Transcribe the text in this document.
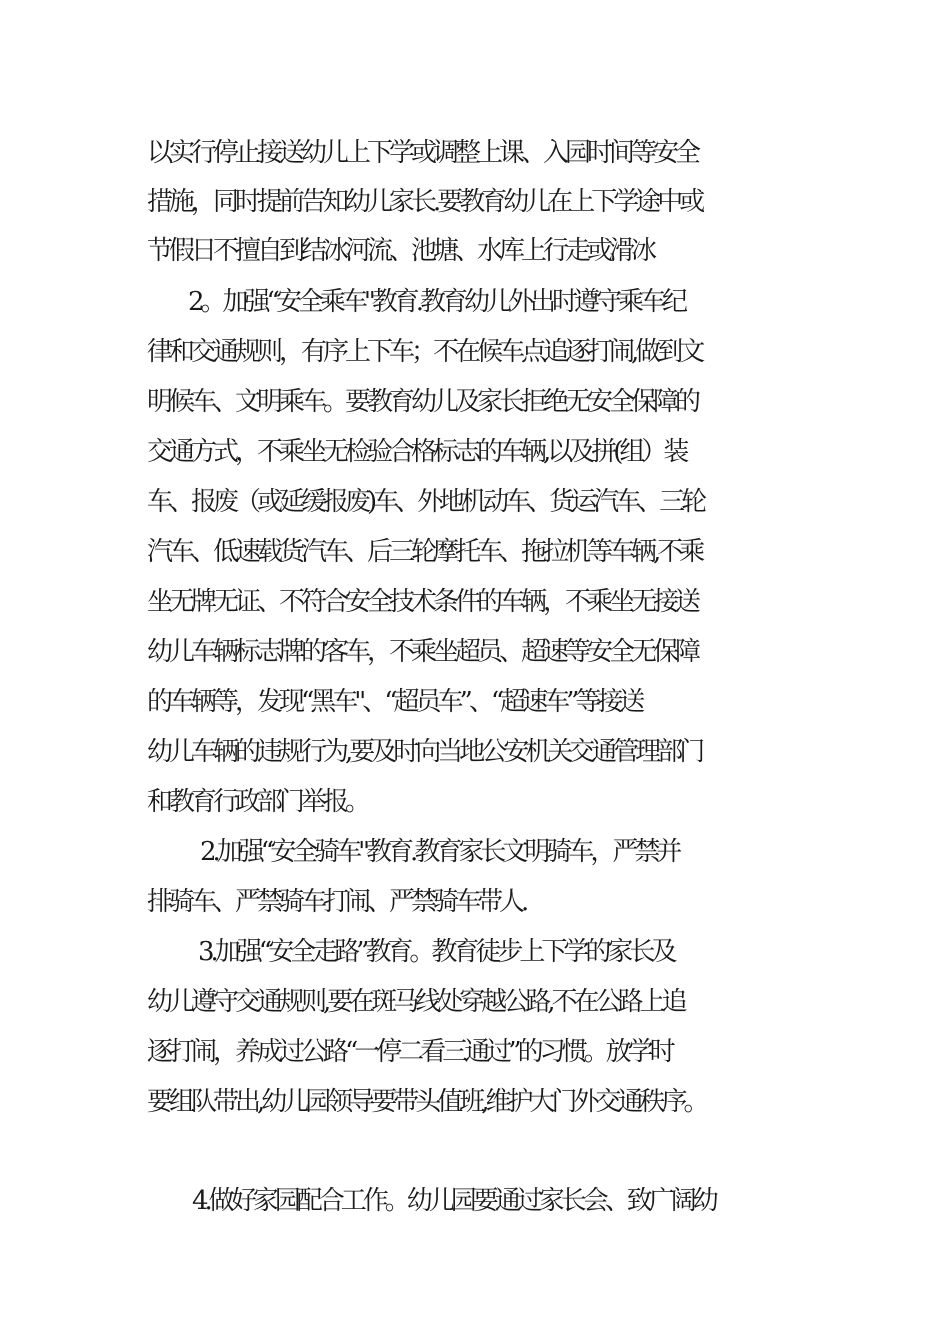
以实行停止接送幼儿上下学或调整上课、入园时间等安全
措施，同时提前告知幼儿家长.要教育幼儿在上下学途中或
节假日不擅自到结冰河流、池塘、水库上行走或滑冰
2。加强“安全乘车"教育.教育幼儿外出时遵守乘车纪
律和交通规则，有序上下车；不在候车点追逐打闹,做到文
明候车、文明乘车。要教育幼儿及家长拒绝无安全保障的
交通方式，不乘坐无检验合格标志的车辆,以及拼(组）装
车、报废（或延缓报废)车、外地机动车、货运汽车、三轮
汽车、低速载货汽车、后三轮摩托车、拖拉机等车辆,不乘
坐无牌无证、不符合安全技术条件的车辆，不乘坐无接送
幼儿车辆标志牌的客车，不乘坐超员、超速等安全无保障
的车辆等，发现“黑车"、“超员车”、“超速车”等接送
幼儿车辆的违规行为,要及时向当地公安机关交通管理部门
和教育行政部门举报。
2.加强“安全骑车"教育.教育家长文明骑车，严禁并
排骑车、严禁骑车打闹、严禁骑车带人.
3.加强“安全走路”教育。教育徒步上下学的家长及
幼儿遵守交通规则,要在斑马线处穿越公路,不在公路上追
逐打闹，养成过公路“一停二看三通过”的习惯。放学时
要组队带出,幼儿园领导要带头值班,维护大门外交通秩序。
4.做好家园配合工作。幼儿园要通过家长会、致广阔幼
